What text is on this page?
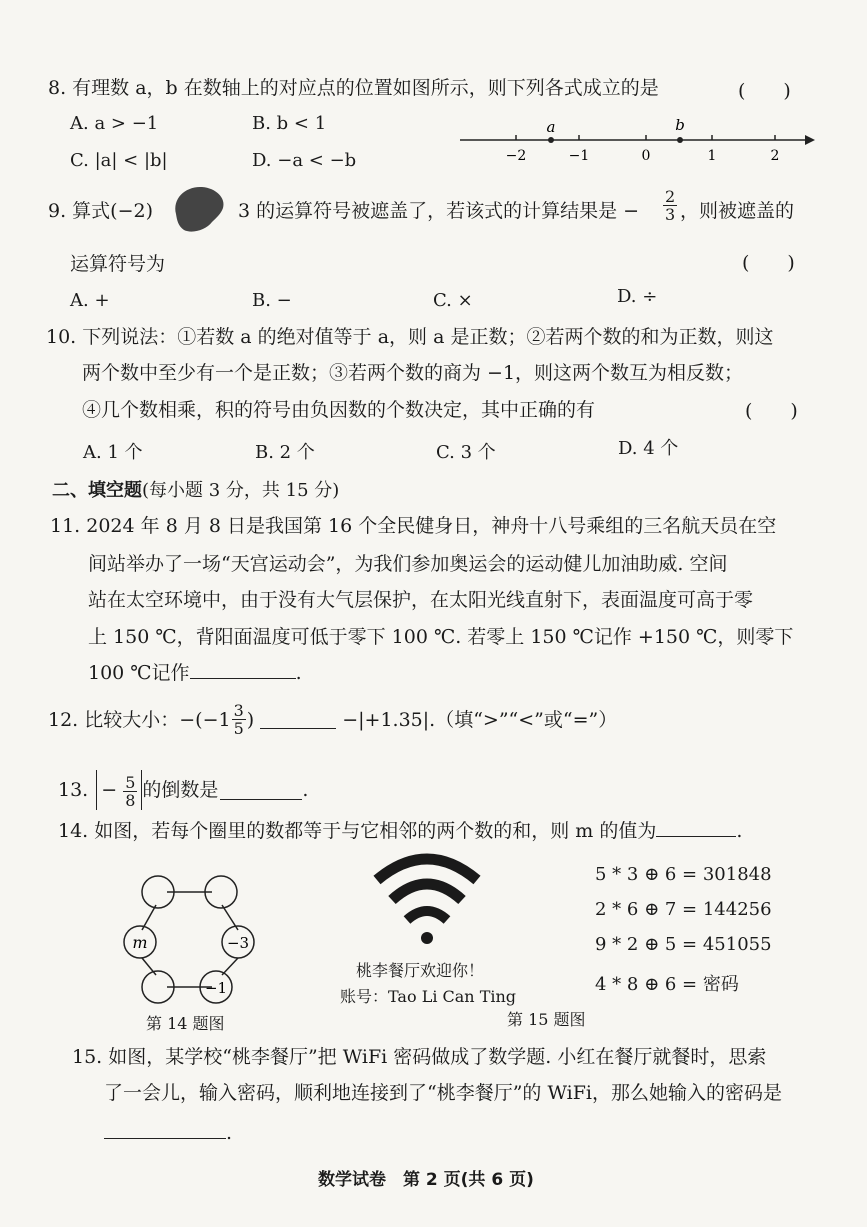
8. 有理数 a，b 在数轴上的对应点的位置如图所示，则下列各式成立的是	(　　)
A. a > −1	B. b < 1
C. |a| < |b|	D. −a < −b
a	b
−2	−1	0	1	2
9. 算式(−2)	3 的运算符号被遮盖了，若该式的计算结果是 − $\frac{2}{3}$ ，则被遮盖的
运算符号为	(　　)
A. +	B. −	C. ×	D. ÷
10. 下列说法：①若数 a 的绝对值等于 a，则 a 是正数；②若两个数的和为正数，则这
两个数中至少有一个是正数；③若两个数的商为 −1，则这两个数互为相反数；
④几个数相乘，积的符号由负因数的个数决定，其中正确的有	(　　)
A. 1 个	B. 2 个	C. 3 个	D. 4 个
二、填空题(每小题 3 分，共 15 分)
11. 2024 年 8 月 8 日是我国第 16 个全民健身日，神舟十八号乘组的三名航天员在空
间站举办了一场“天宫运动会”，为我们参加奥运会的运动健儿加油助威. 空间
站在太空环境中，由于没有大气层保护，在太阳光线直射下，表面温度可高于零
上 150 ℃，背阳面温度可低于零下 100 ℃. 若零上 150 ℃记作 +150 ℃，则零下
100 ℃记作	.
12. 比较大小：$-(-1 \frac{3}{5}$ )	−|+1.35|.（填“>”“<”或“=”）
13. − $\frac{5}{8}$ 的倒数是	.
14. 如图，若每个圈里的数都等于与它相邻的两个数的和，则 m 的值为	.
m	−3
−1
第 14 题图
桃李餐厅欢迎你！
账号：Tao Li Can Ting
5 * 3 ⊕ 6 = 301848
2 * 6 ⊕ 7 = 144256
9 * 2 ⊕ 5 = 451055
4 * 8 ⊕ 6 = 密码
第 15 题图
15. 如图，某学校“桃李餐厅”把 WiFi 密码做成了数学题. 小红在餐厅就餐时，思索
了一会儿，输入密码，顺利地连接到了“桃李餐厅”的 WiFi，那么她输入的密码是
.
数学试卷　第 2 页(共 6 页)
